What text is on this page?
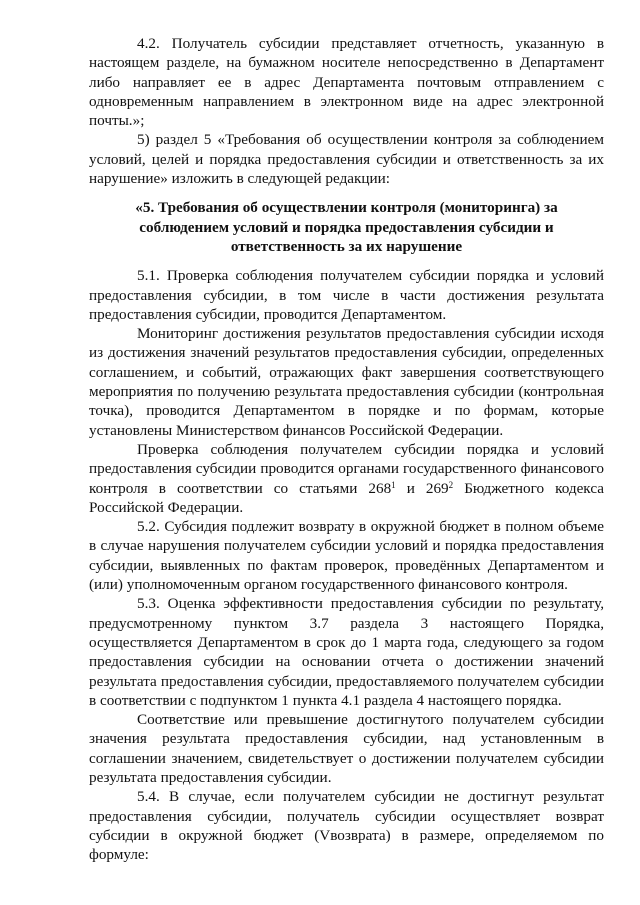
4.2. Получатель субсидии представляет отчетность, указанную в настоящем разделе, на бумажном носителе непосредственно в Департамент либо направляет ее в адрес Департамента почтовым отправлением с одновременным направлением в электронном виде на адрес электронной почты.»;

5) раздел 5 «Требования об осуществлении контроля за соблюдением условий, целей и порядка предоставления субсидии и ответственность за их нарушение» изложить в следующей редакции:

«5. Требования об осуществлении контроля (мониторинга) за соблюдением условий и порядка предоставления субсидии и ответственность за их нарушение

5.1. Проверка соблюдения получателем субсидии порядка и условий предоставления субсидии, в том числе в части достижения результата предоставления субсидии, проводится Департаментом.

Мониторинг достижения результатов предоставления субсидии исходя из достижения значений результатов предоставления субсидии, определенных соглашением, и событий, отражающих факт завершения соответствующего мероприятия по получению результата предоставления субсидии (контрольная точка), проводится Департаментом в порядке и по формам, которые установлены Министерством финансов Российской Федерации.

Проверка соблюдения получателем субсидии порядка и условий предоставления субсидии проводится органами государственного финансового контроля в соответствии со статьями $268^1$ и $269^2$ Бюджетного кодекса Российской Федерации.

5.2. Субсидия подлежит возврату в окружной бюджет в полном объеме в случае нарушения получателем субсидии условий и порядка предоставления субсидии, выявленных по фактам проверок, проведённых Департаментом и (или) уполномоченным органом государственного финансового контроля.

5.3. Оценка эффективности предоставления субсидии по результату, предусмотренному пунктом 3.7 раздела 3 настоящего Порядка, осуществляется Департаментом в срок до 1 марта года, следующего за годом предоставления субсидии на основании отчета о достижении значений результата предоставления субсидии, предоставляемого получателем субсидии в соответствии с подпунктом 1 пункта 4.1 раздела 4 настоящего порядка.

Соответствие или превышение достигнутого получателем субсидии значения результата предоставления субсидии, над установленным в соглашении значением, свидетельствует о достижении получателем субсидии результата предоставления субсидии.

5.4. В случае, если получателем субсидии не достигнут результат предоставления субсидии, получатель субсидии осуществляет возврат субсидии в окружной бюджет (Vвозврата) в размере, определяемом по формуле:
